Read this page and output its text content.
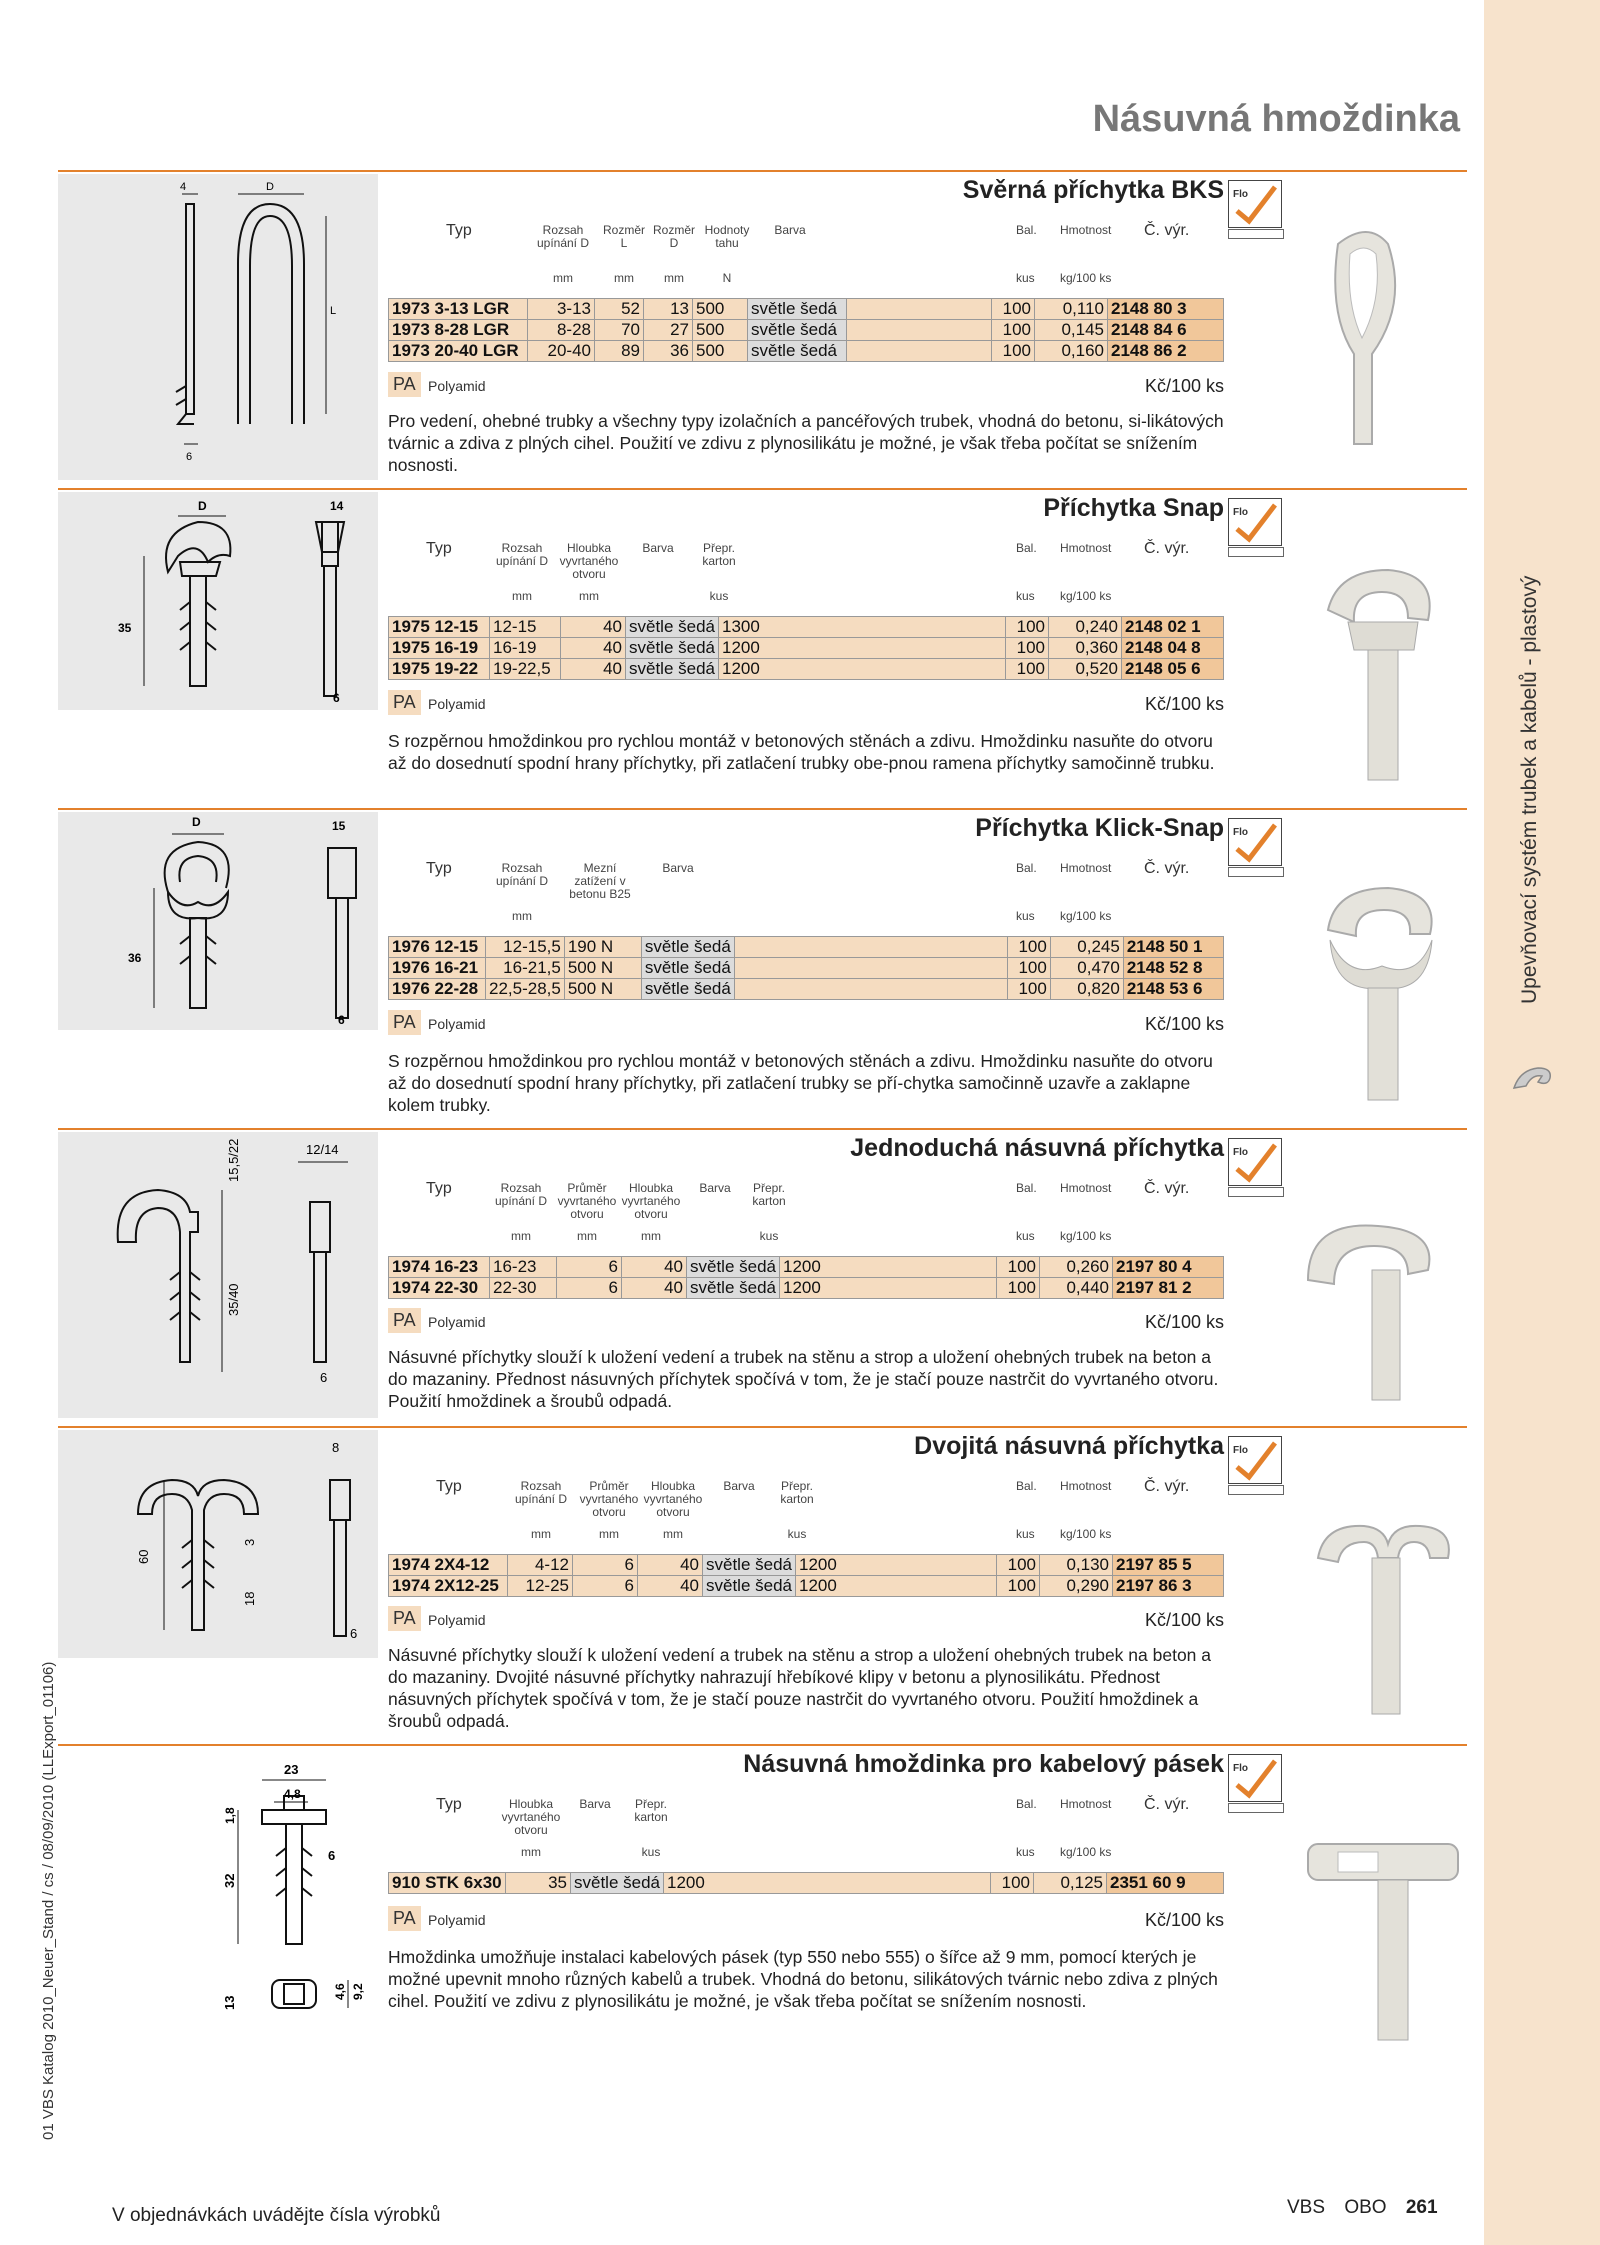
Upevňovací systém trubek a kabelů - plastový
01 VBS Katalog 2010_Neuer_Stand / cs / 08/09/2010 (LLExport_01106)
Násuvná hmoždinka
4	D
L
6
Svěrná příchytka BKS
Typ	Rozsah upínání D
Rozměr L
Rozměr D
Hodnoty tahu
Barva	Bal. Hmotnost Č. výr.
mm	mm	mm	N	kus kg/100 ks
1973 3-13 LGR	3-13	52	13	500	světle šedá		100	0,110	2148 80 3
1973 8-28 LGR	8-28	70	27	500	světle šedá		100	0,145	2148 84 6
1973 20-40 LGR	20-40	89	36	500	světle šedá		100	0,160	2148 86 2
PA Polyamid	Kč/100 ks
Pro vedení, ohebné trubky a všechny typy izolačních a pancéřových trubek, vhodná do betonu, si-likátových tvárnic a zdiva z plných cihel. Použití ve zdivu z plynosilikátu je možné, je však třeba počítat se snížením nosnosti.
Flo
D	14
35
6
Příchytka Snap
Typ	Rozsah upínání D
Hloubka vyvrtaného otvoru
Barva	Přepr. karton
Bal. Hmotnost Č. výr.
mm	mm	kus	kus kg/100 ks
1975 12-15	12-15	40	světle šedá	1300	100	0,240	2148 02 1
1975 16-19	16-19	40	světle šedá	1200	100	0,360	2148 04 8
1975 19-22	19-22,5	40	světle šedá	1200	100	0,520	2148 05 6
PA Polyamid	Kč/100 ks
S rozpěrnou hmoždinkou pro rychlou montáž v betonových stěnách a zdivu. Hmoždinku nasuňte do otvoru až do dosednutí spodní hrany příchytky, při zatlačení trubky obe-pnou ramena příchytky samočinně trubku.
Flo
D	15
36
6
Příchytka Klick-Snap
Typ	Rozsah upínání D
Mezní zatížení v betonu B25
Barva	Bal. Hmotnost Č. výr.
mm	kus kg/100 ks
1976 12-15	12-15,5	190 N	světle šedá		100	0,245	2148 50 1
1976 16-21	16-21,5	500 N	světle šedá		100	0,470	2148 52 8
1976 22-28	22,5-28,5	500 N	světle šedá		100	0,820	2148 53 6
PA Polyamid	Kč/100 ks
S rozpěrnou hmoždinkou pro rychlou montáž v betonových stěnách a zdivu. Hmoždinku nasuňte do otvoru až do dosednutí spodní hrany příchytky, při zatlačení trubky se pří-chytka samočinně uzavře a zaklapne kolem trubky.
Flo
15,5/22	12/14
35/40
6
Jednoduchá násuvná příchytka
Typ	Rozsah upínání D
Průměr vyvrtaného otvoru
Hloubka vyvrtaného otvoru
Barva	Přepr. karton
Bal. Hmotnost Č. výr.
mm	mm	mm	kus	kus kg/100 ks
1974 16-23	16-23	6	40	světle šedá	1200	100	0,260	2197 80 4
1974 22-30	22-30	6	40	světle šedá	1200	100	0,440	2197 81 2
PA Polyamid	Kč/100 ks
Násuvné příchytky slouží k uložení vedení a trubek na stěnu a strop a uložení ohebných trubek na beton a do mazaniny. Přednost násuvných příchytek spočívá v tom, že je stačí pouze nastrčit do vyvrtaného otvoru. Použití hmoždinek a šroubů odpadá.
Flo
8
60
3
18
6
Dvojitá násuvná příchytka
Typ	Rozsah upínání D
Průměr vyvrtaného otvoru
Hloubka vyvrtaného otvoru
Barva	Přepr. karton
Bal. Hmotnost Č. výr.
mm	mm	mm	kus	kus kg/100 ks
1974 2X4-12	4-12	6	40	světle šedá	1200	100	0,130	2197 85 5
1974 2X12-25	12-25	6	40	světle šedá	1200	100	0,290	2197 86 3
PA Polyamid	Kč/100 ks
Násuvné příchytky slouží k uložení vedení a trubek na stěnu a strop a uložení ohebných trubek na beton a do mazaniny. Dvojité násuvné příchytky nahrazují hřebíkové klipy v betonu a plynosilikátu. Přednost násuvných příchytek spočívá v tom, že je stačí pouze nastrčit do vyvrtaného otvoru. Použití hmoždinek a šroubů odpadá.
Flo
23
4,8
1,8
32
6
13
4,6 9,2
Násuvná hmoždinka pro kabelový pásek
Typ	Hloubka vyvrtaného otvoru
Barva	Přepr. karton
Bal. Hmotnost Č. výr.
mm	kus	kus kg/100 ks
910 STK 6x30	35	světle šedá	1200	100	0,125	2351 60 9
PA Polyamid	Kč/100 ks
Hmoždinka umožňuje instalaci kabelových pásek (typ 550 nebo 555) o šířce až 9 mm, pomocí kterých je možné upevnit mnoho různých kabelů a trubek. Vhodná do betonu, silikátových tvárnic nebo zdiva z plných cihel. Použití ve zdivu z plynosilikátu je možné, je však třeba počítat se snížením nosnosti.
Flo
V objednávkách uvádějte čísla výrobků	VBS OBO 261
